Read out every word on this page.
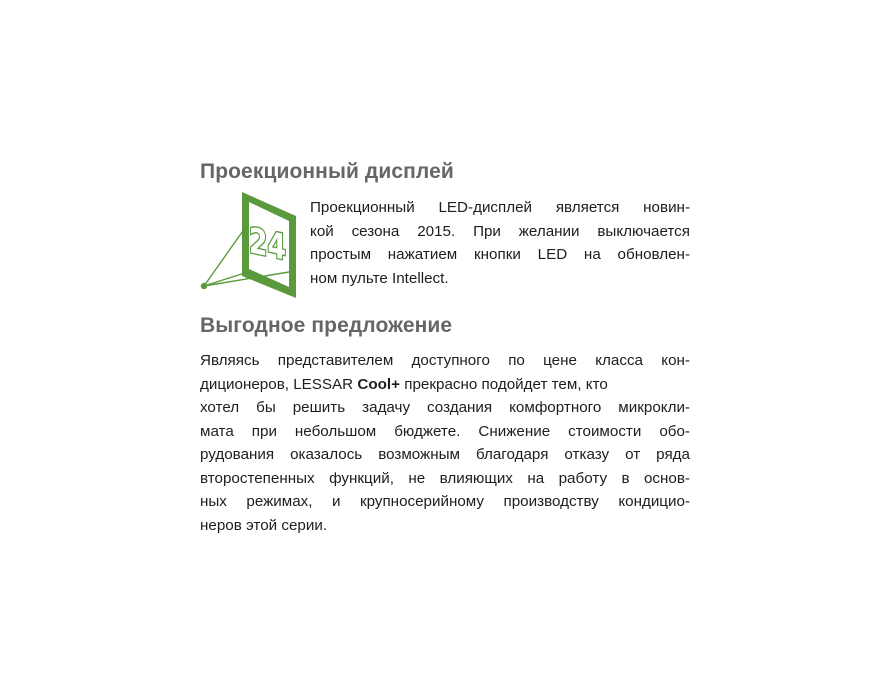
Проекционный дисплей
24
Проекционный LED-дисплей является новин-
кой сезона 2015. При желании выключается
простым нажатием кнопки LED на обновлен-
ном пульте Intellect.
Выгодное предложение
Являясь представителем доступного по цене класса кон-
диционеров, LESSAR Cool+ прекрасно подойдет тем, кто
хотел бы решить задачу создания комфортного микрокли-
мата при небольшом бюджете. Снижение стоимости обо-
рудования оказалось возможным благодаря отказу от ряда
второстепенных функций, не влияющих на работу в основ-
ных режимах, и крупносерийному производству кондицио-
неров этой серии.
